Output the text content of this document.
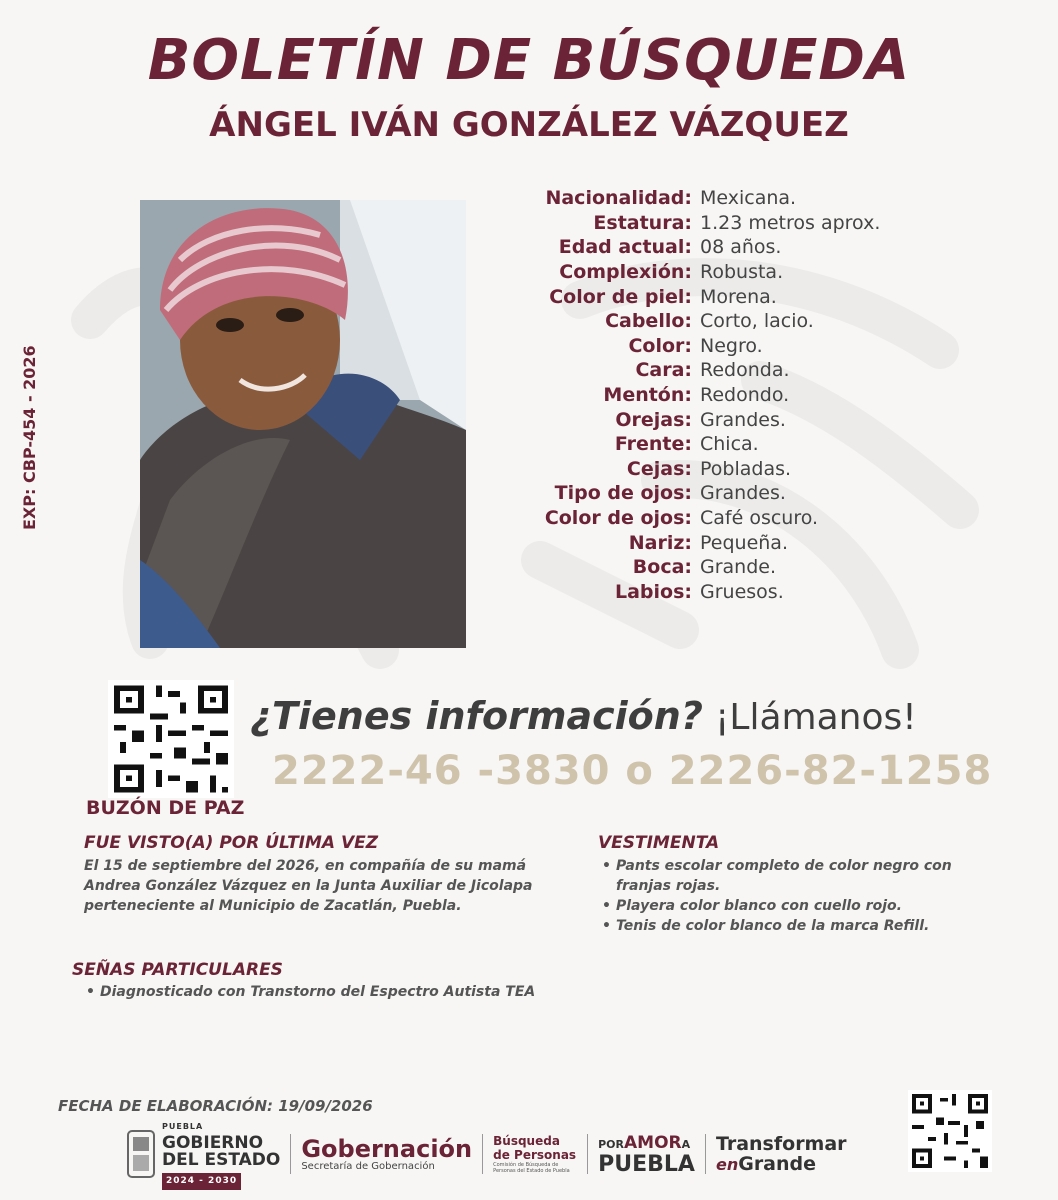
BOLETÍN DE BÚSQUEDA
ÁNGEL IVÁN GONZÁLEZ VÁZQUEZ
EXP: CBP-454 - 2026
Nacionalidad: Mexicana.
Estatura: 1.23 metros aprox.
Edad actual: 08 años.
Complexión: Robusta.
Color de piel: Morena.
Cabello: Corto, lacio.
Color: Negro.
Cara: Redonda.
Mentón: Redondo.
Orejas: Grandes.
Frente: Chica.
Cejas: Pobladas.
Tipo de ojos: Grandes.
Color de ojos: Café oscuro.
Nariz: Pequeña.
Boca: Grande.
Labios: Gruesos.
BUZÓN DE PAZ
¿Tienes información? ¡Llámanos!
2222-46 -3830 o 2226-82-1258
FUE VISTO(A) POR ÚLTIMA VEZ
El 15 de septiembre del 2026, en compañía de su mamá Andrea González Vázquez en la Junta Auxiliar de Jicolapa perteneciente al Municipio de Zacatlán, Puebla.
VESTIMENTA
• Pants escolar completo de color negro con franjas rojas.
• Playera color blanco con cuello rojo.
• Tenis de color blanco de la marca Refill.
SEÑAS PARTICULARES
• Diagnosticado con Transtorno del Espectro Autista TEA
FECHA DE ELABORACIÓN: 19/09/2026
PUEBLA
GOBIERNO
DEL ESTADO
2024 - 2030
Gobernación
Secretaría de Gobernación
Búsqueda
de Personas
Comisión de Búsqueda de Personas del Estado de Puebla
PORAMORA
PUEBLA
Transformar
enGrande
